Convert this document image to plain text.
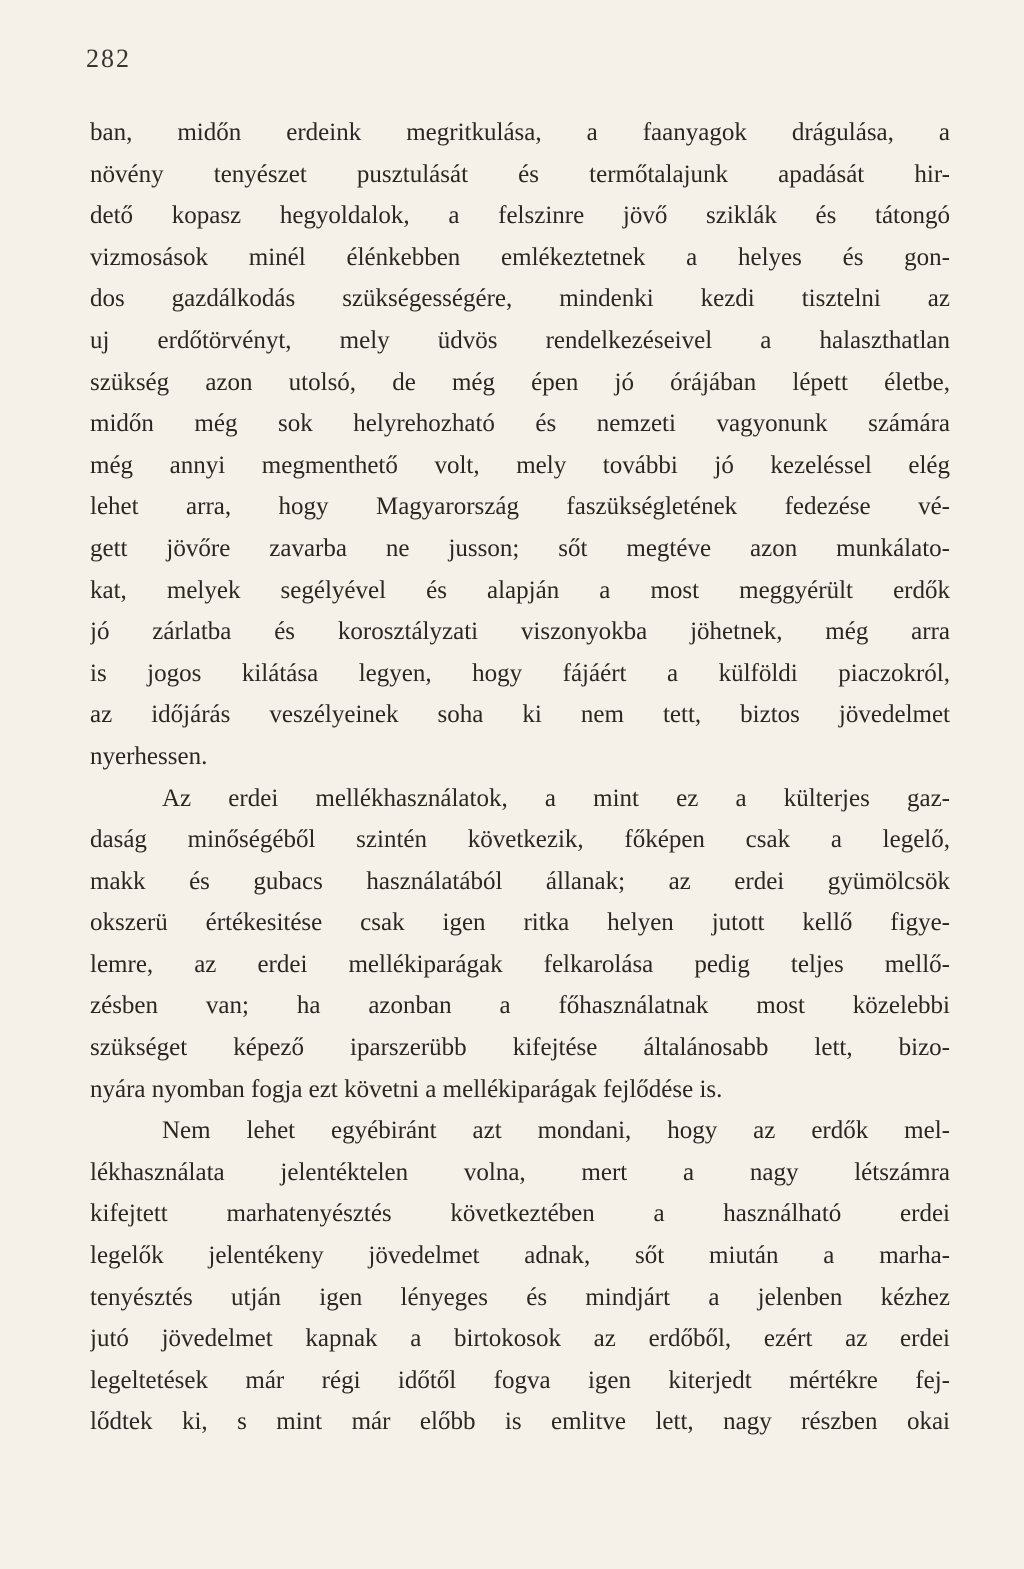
282
ban, midőn erdeink megritkulása, a faanyagok drágulása, a
növény tenyészet pusztulását és termőtalajunk apadását hir-
dető kopasz hegyoldalok, a felszinre jövő sziklák és tátongó
vizmosások minél élénkebben emlékeztetnek a helyes és gon-
dos gazdálkodás szükségességére, mindenki kezdi tisztelni az
uj erdőtörvényt, mely üdvös rendelkezéseivel a halaszthatlan
szükség azon utolsó, de még épen jó órájában lépett életbe,
midőn még sok helyrehozható és nemzeti vagyonunk számára
még annyi megmenthető volt, mely további jó kezeléssel elég
lehet arra, hogy Magyarország faszükségletének fedezése vé-
gett jövőre zavarba ne jusson; sőt megtéve azon munkálato-
kat, melyek segélyével és alapján a most meggyérült erdők
jó zárlatba és korosztályzati viszonyokba jöhetnek, még arra
is jogos kilátása legyen, hogy fájáért a külföldi piaczokról,
az időjárás veszélyeinek soha ki nem tett, biztos jövedelmet
nyerhessen.
Az erdei mellékhasználatok, a mint ez a külterjes gaz-
daság minőségéből szintén következik, főképen csak a legelő,
makk és gubacs használatából állanak; az erdei gyümölcsök
okszerü értékesitése csak igen ritka helyen jutott kellő figye-
lemre, az erdei mellékiparágak felkarolása pedig teljes mellő-
zésben van; ha azonban a főhasználatnak most közelebbi
szükséget képező iparszerübb kifejtése általánosabb lett, bizo-
nyára nyomban fogja ezt követni a mellékiparágak fejlődése is.
Nem lehet egyébiránt azt mondani, hogy az erdők mel-
lékhasználata jelentéktelen volna, mert a nagy létszámra
kifejtett marhatenyésztés következtében a használható erdei
legelők jelentékeny jövedelmet adnak, sőt miután a marha-
tenyésztés utján igen lényeges és mindjárt a jelenben kézhez
jutó jövedelmet kapnak a birtokosok az erdőből, ezért az erdei
legeltetések már régi időtől fogva igen kiterjedt mértékre fej-
lődtek ki, s mint már előbb is emlitve lett, nagy részben okai
